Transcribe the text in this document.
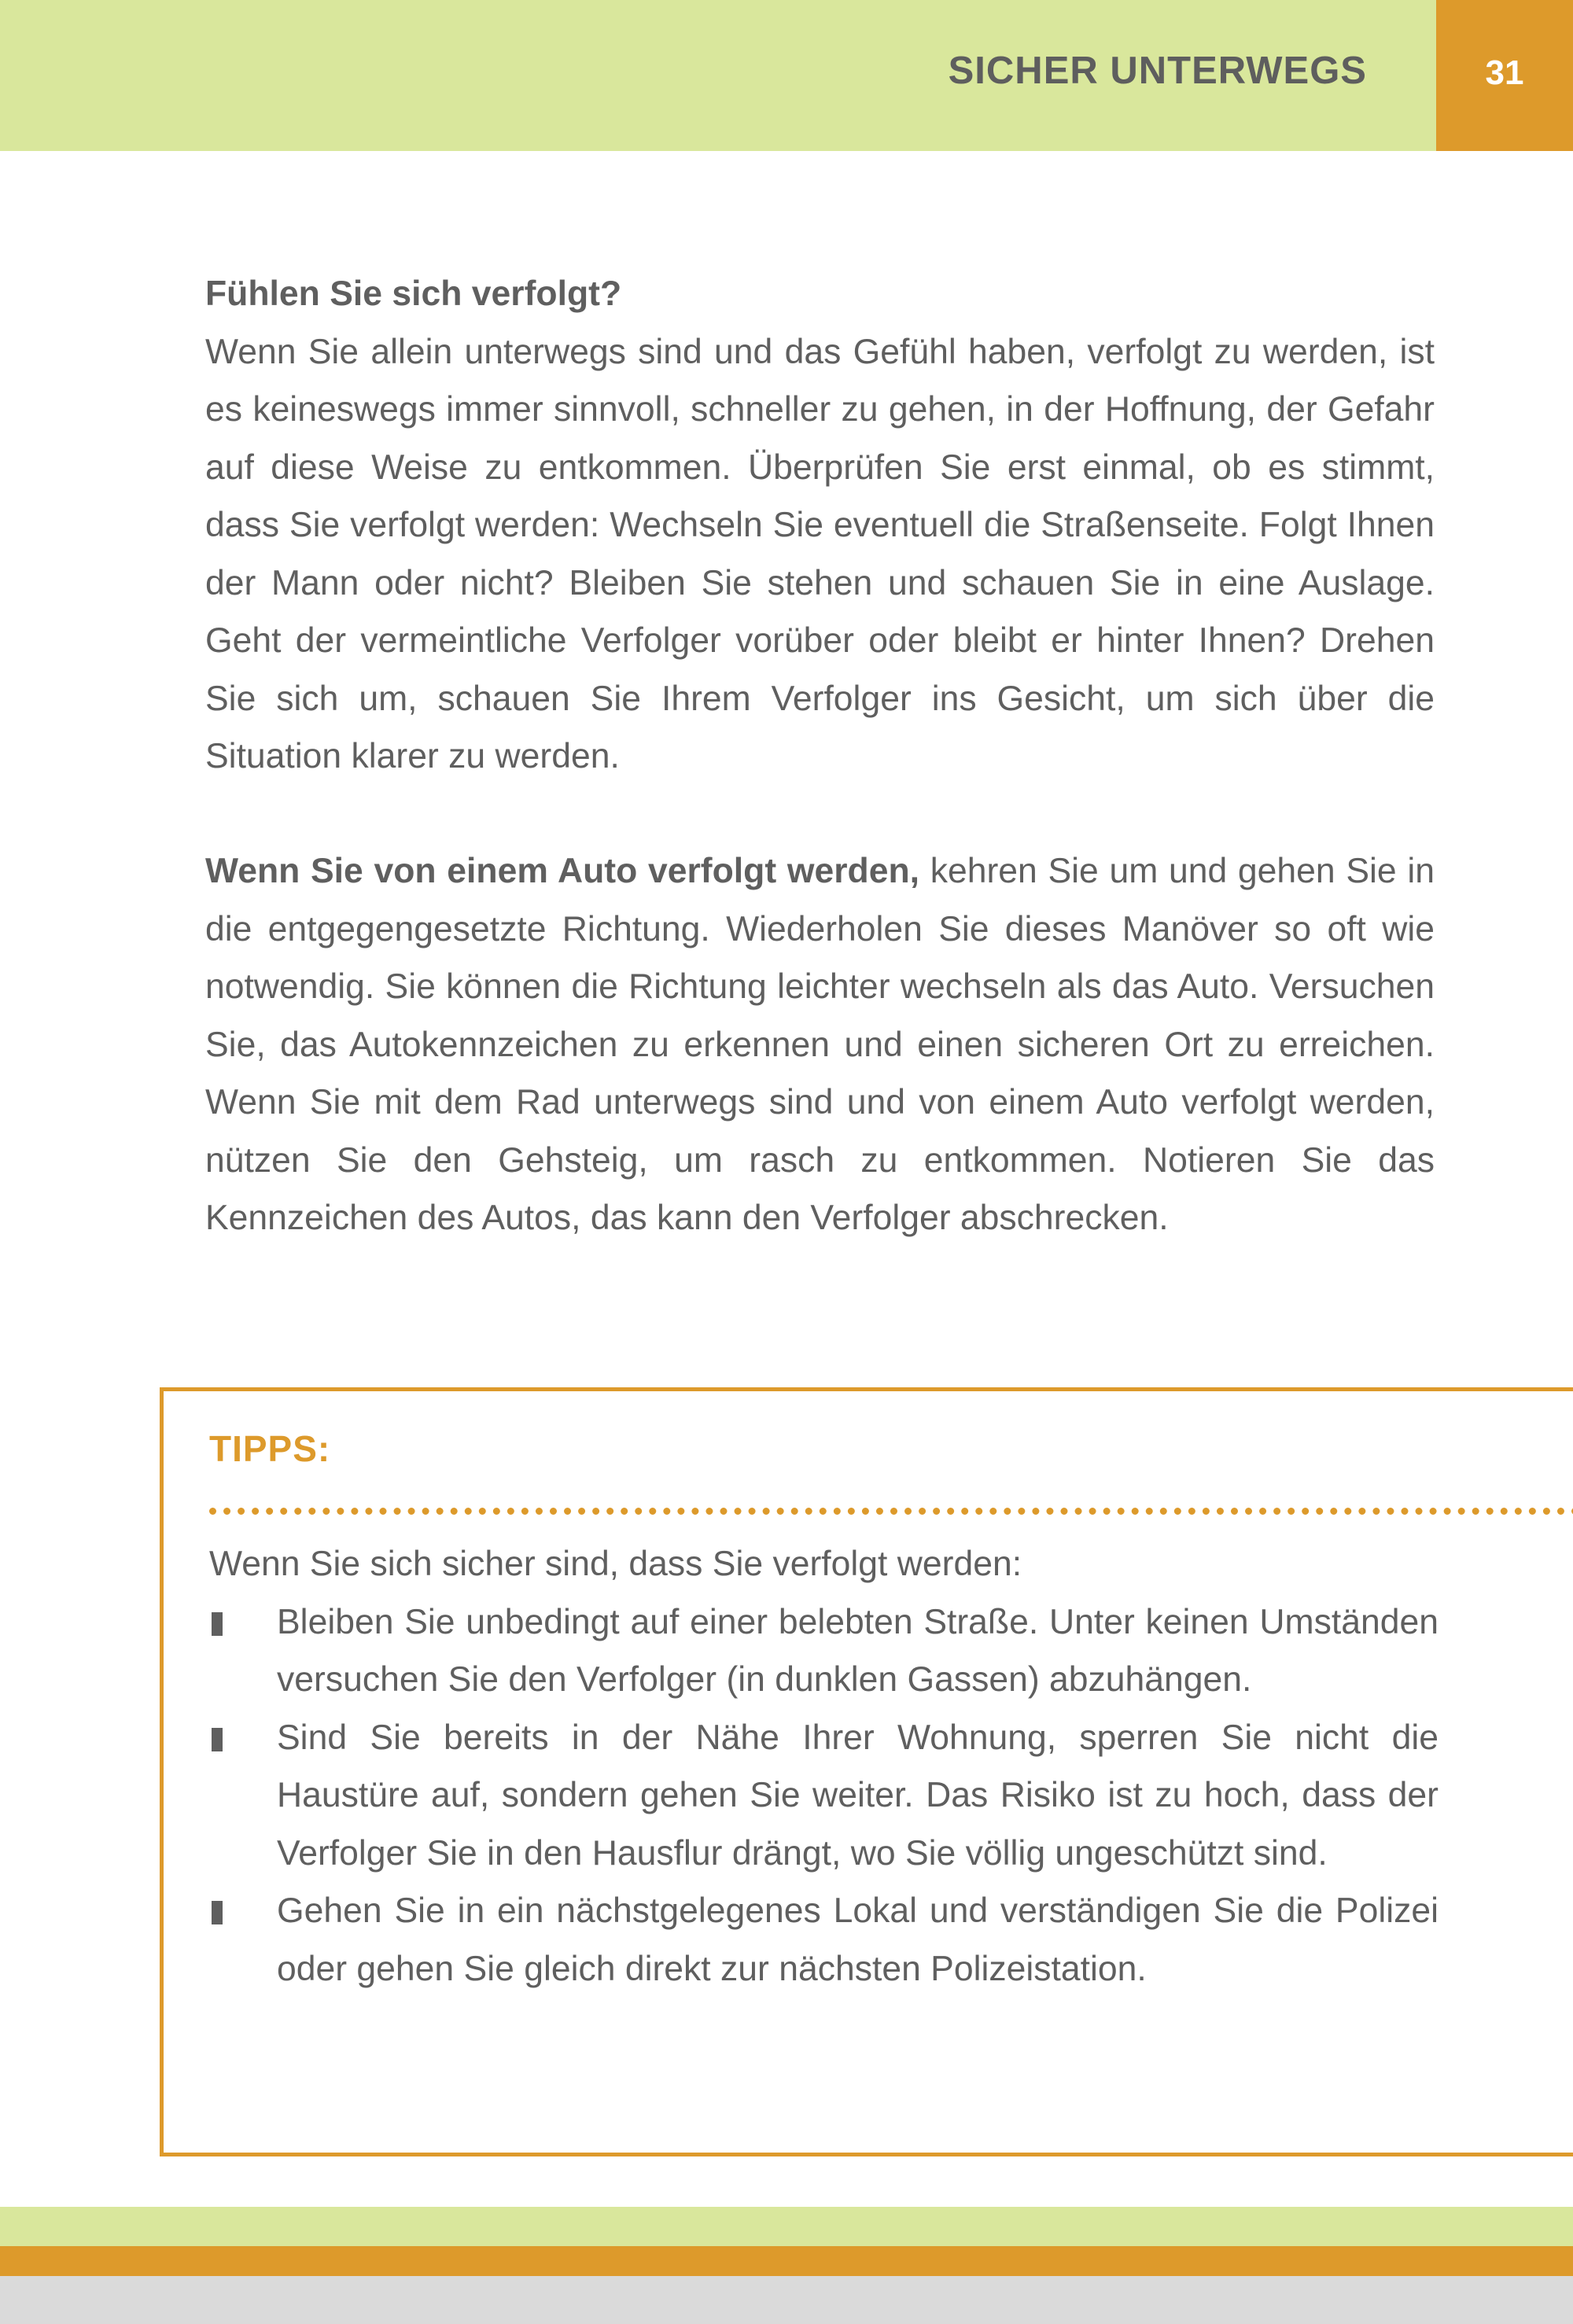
SICHER UNTERWEGS	31

Fühlen Sie sich verfolgt?
Wenn Sie allein unterwegs sind und das Gefühl haben, verfolgt zu werden, ist es keineswegs immer sinnvoll, schneller zu gehen, in der Hoffnung, der Gefahr auf diese Weise zu entkommen. Überprüfen Sie erst einmal, ob es stimmt, dass Sie verfolgt werden: Wechseln Sie eventuell die Straßenseite. Folgt Ihnen der Mann oder nicht? Bleiben Sie stehen und schauen Sie in eine Auslage. Geht der vermeintliche Verfolger vorüber oder bleibt er hinter Ihnen? Drehen Sie sich um, schauen Sie Ihrem Verfolger ins Gesicht, um sich über die Situation klarer zu werden.

Wenn Sie von einem Auto verfolgt werden, kehren Sie um und gehen Sie in die entgegengesetzte Richtung. Wiederholen Sie dieses Manöver so oft wie notwendig. Sie können die Richtung leichter wechseln als das Auto. Versuchen Sie, das Autokennzeichen zu erkennen und einen sicheren Ort zu erreichen. Wenn Sie mit dem Rad unterwegs sind und von einem Auto verfolgt werden, nützen Sie den Gehsteig, um rasch zu entkommen. Notieren Sie das Kennzeichen des Autos, das kann den Verfolger abschrecken.

TIPPS:

Wenn Sie sich sicher sind, dass Sie verfolgt werden:

Bleiben Sie unbedingt auf einer belebten Straße. Unter keinen Umständen versuchen Sie den Verfolger (in dunklen Gassen) abzuhängen.
Sind Sie bereits in der Nähe Ihrer Wohnung, sperren Sie nicht die Haustüre auf, sondern gehen Sie weiter. Das Risiko ist zu hoch, dass der Verfolger Sie in den Hausflur drängt, wo Sie völlig ungeschützt sind.
Gehen Sie in ein nächstgelegenes Lokal und verständigen Sie die Polizei oder gehen Sie gleich direkt zur nächsten Polizeistation.
